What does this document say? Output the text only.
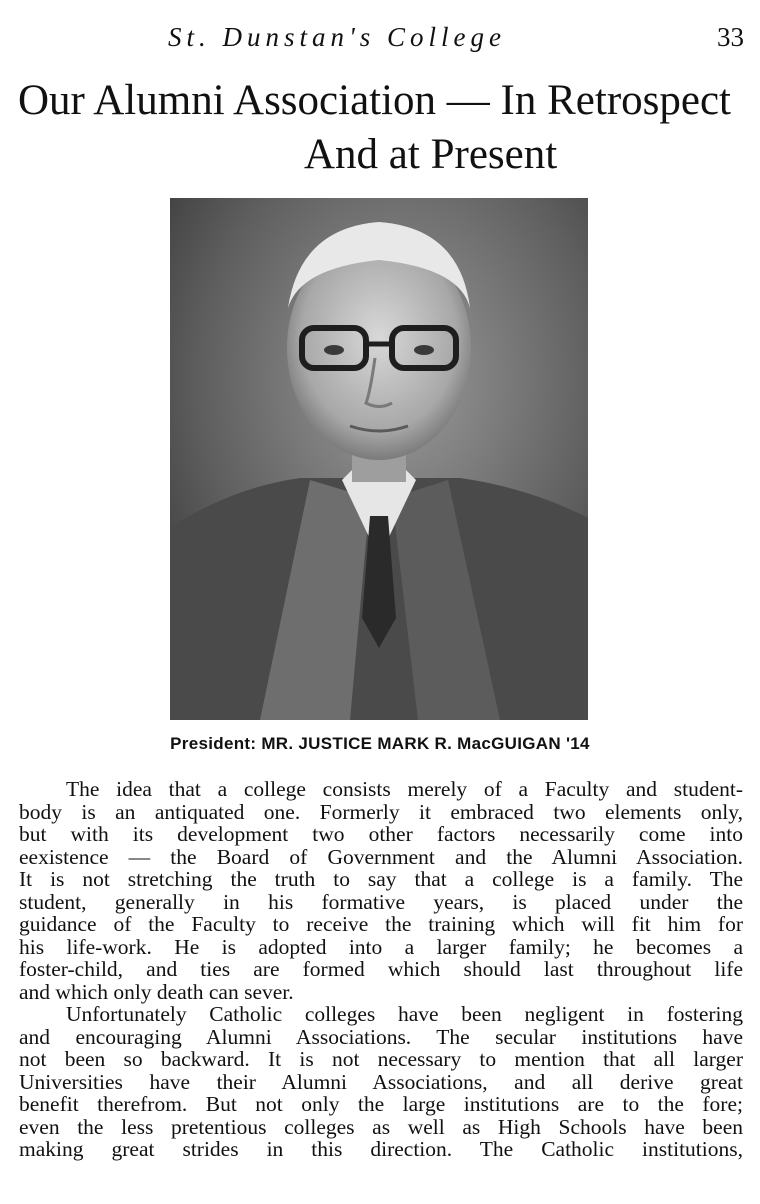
St. Dunstan's College	33
Our Alumni Association — In Retrospect
And at Present
President: MR. JUSTICE MARK R. MacGUIGAN '14

The idea that a college consists merely of a Faculty and student-
body is an antiquated one. Formerly it embraced two elements only,
but with its development two other factors necessarily come into
eexistence — the Board of Government and the Alumni Association.
It is not stretching the truth to say that a college is a family. The
student, generally in his formative years, is placed under the
guidance of the Faculty to receive the training which will fit him for
his life-work. He is adopted into a larger family; he becomes a
foster-child, and ties are formed which should last throughout life
and which only death can sever.

Unfortunately Catholic colleges have been negligent in fostering
and encouraging Alumni Associations. The secular institutions have
not been so backward. It is not necessary to mention that all larger
Universities have their Alumni Associations, and all derive great
benefit therefrom. But not only the large institutions are to the fore;
even the less pretentious colleges as well as High Schools have been
making great strides in this direction. The Catholic institutions,
